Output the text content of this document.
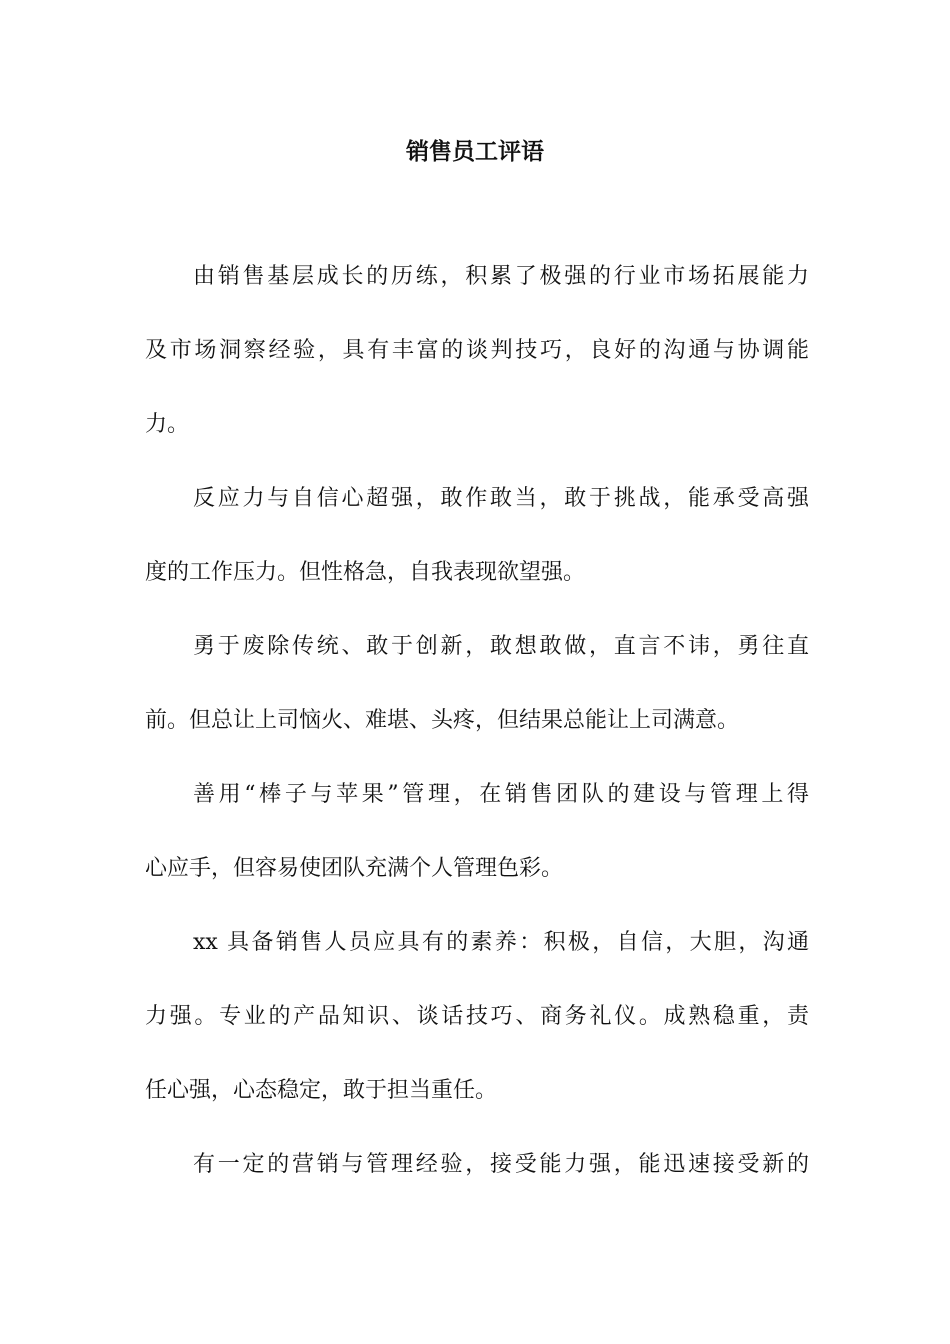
销售员工评语
由销售基层成长的历练，积累了极强的行业市场拓展能力
及市场洞察经验，具有丰富的谈判技巧，良好的沟通与协调能
力。
反应力与自信心超强，敢作敢当，敢于挑战，能承受高强
度的工作压力。但性格急，自我表现欲望强。
勇于废除传统、敢于创新，敢想敢做，直言不讳，勇往直
前。但总让上司恼火、难堪、头疼，但结果总能让上司满意。
善用“棒子与苹果”管理，在销售团队的建设与管理上得
心应手，但容易使团队充满个人管理色彩。
xx 具备销售人员应具有的素养：积极，自信，大胆，沟通
力强。专业的产品知识、谈话技巧、商务礼仪。成熟稳重，责
任心强，心态稳定，敢于担当重任。
有一定的营销与管理经验，接受能力强，能迅速接受新的
